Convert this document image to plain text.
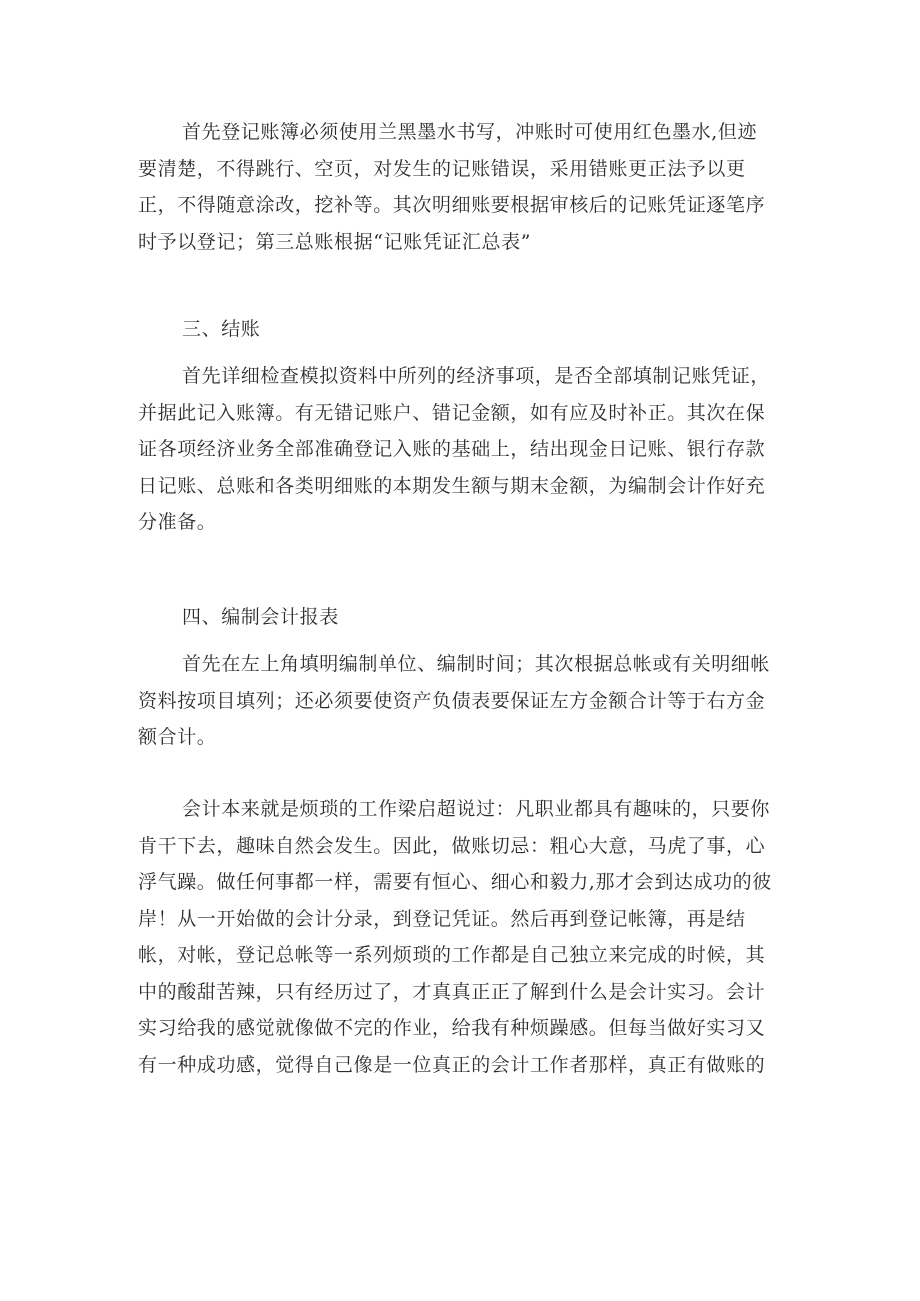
首先登记账簿必须使用兰黑墨水书写，冲账时可使用红色墨水,但迹
要清楚，不得跳行、空页，对发生的记账错误，采用错账更正法予以更
正，不得随意涂改，挖补等。其次明细账要根据审核后的记账凭证逐笔序
时予以登记；第三总账根据“记账凭证汇总表”
三、结账
首先详细检查模拟资料中所列的经济事项，是否全部填制记账凭证，
并据此记入账簿。有无错记账户、错记金额，如有应及时补正。其次在保
证各项经济业务全部准确登记入账的基础上，结出现金日记账、银行存款
日记账、总账和各类明细账的本期发生额与期末金额，为编制会计作好充
分准备。
四、编制会计报表
首先在左上角填明编制单位、编制时间；其次根据总帐或有关明细帐
资料按项目填列；还必须要使资产负债表要保证左方金额合计等于右方金
额合计。
会计本来就是烦琐的工作梁启超说过：凡职业都具有趣味的，只要你
肯干下去，趣味自然会发生。因此，做账切忌：粗心大意，马虎了事，心
浮气躁。做任何事都一样，需要有恒心、细心和毅力,那才会到达成功的彼
岸！从一开始做的会计分录，到登记凭证。然后再到登记帐簿，再是结
帐，对帐，登记总帐等一系列烦琐的工作都是自己独立来完成的时候，其
中的酸甜苦辣，只有经历过了，才真真正正了解到什么是会计实习。会计
实习给我的感觉就像做不完的作业，给我有种烦躁感。但每当做好实习又
有一种成功感，觉得自己像是一位真正的会计工作者那样，真正有做账的
